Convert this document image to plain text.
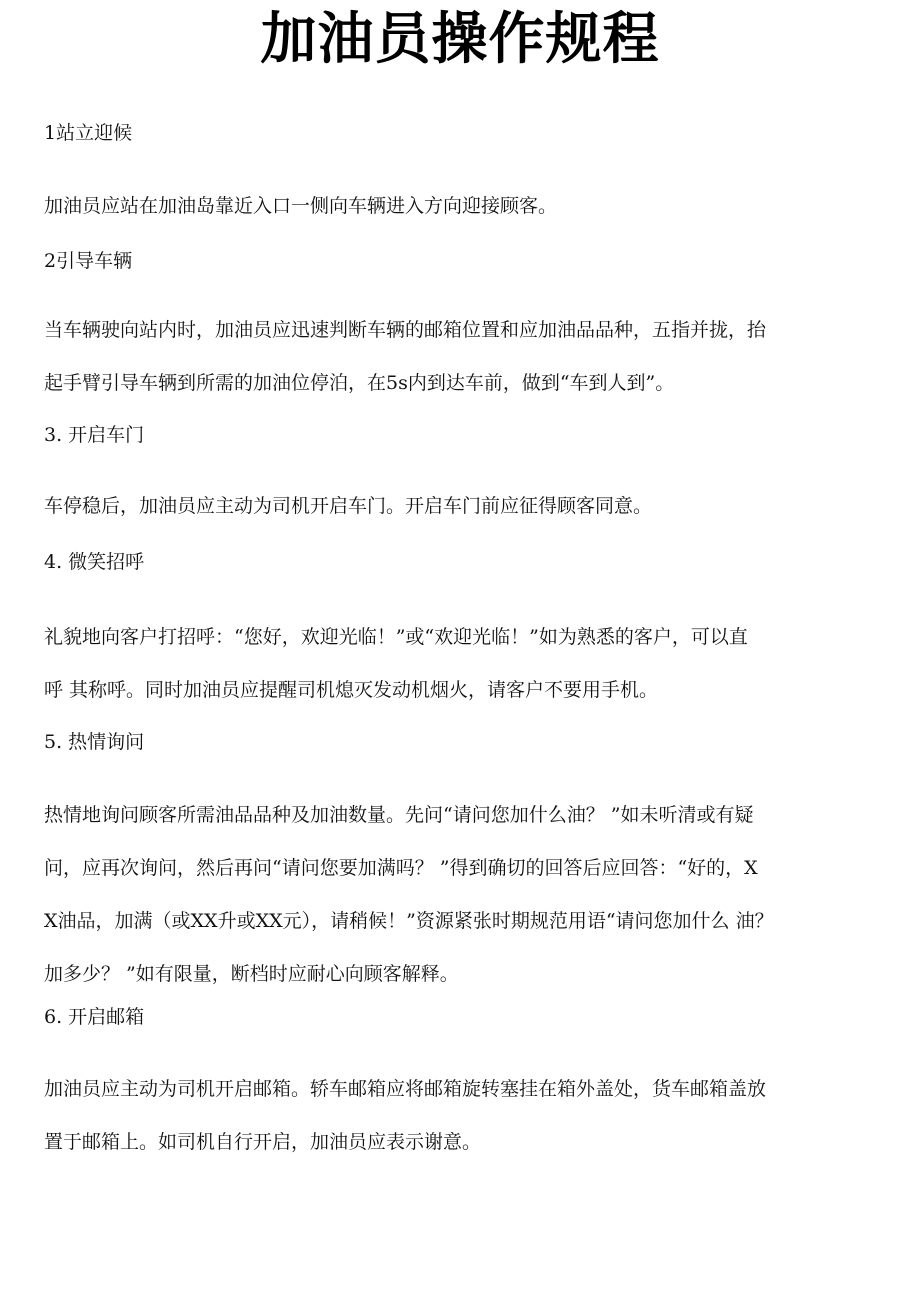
加油员操作规程

1站立迎候

加油员应站在加油岛靠近入口一侧向车辆进入方向迎接顾客。

2引导车辆

当车辆驶向站内时，加油员应迅速判断车辆的邮箱位置和应加油品品种，五指并拢，抬
起手臂引导车辆到所需的加油位停泊，在5s内到达车前，做到“车到人到”。

3. 开启车门

车停稳后，加油员应主动为司机开启车门。开启车门前应征得顾客同意。

4. 微笑招呼

礼貌地向客户打招呼：“您好，欢迎光临！”或“欢迎光临！”如为熟悉的客户，可以直
呼 其称呼。同时加油员应提醒司机熄灭发动机烟火，请客户不要用手机。

5. 热情询问

热情地询问顾客所需油品品种及加油数量。先问“请问您加什么油？ ”如未听清或有疑
问，应再次询问，然后再问“请问您要加满吗？ ”得到确切的回答后应回答：“好的，X
X油品，加满（或XX升或XX元），请稍候！”资源紧张时期规范用语“请问您加什么 油？
加多少？ ”如有限量，断档时应耐心向顾客解释。

6. 开启邮箱

加油员应主动为司机开启邮箱。轿车邮箱应将邮箱旋转塞挂在箱外盖处，货车邮箱盖放
置于邮箱上。如司机自行开启，加油员应表示谢意。
